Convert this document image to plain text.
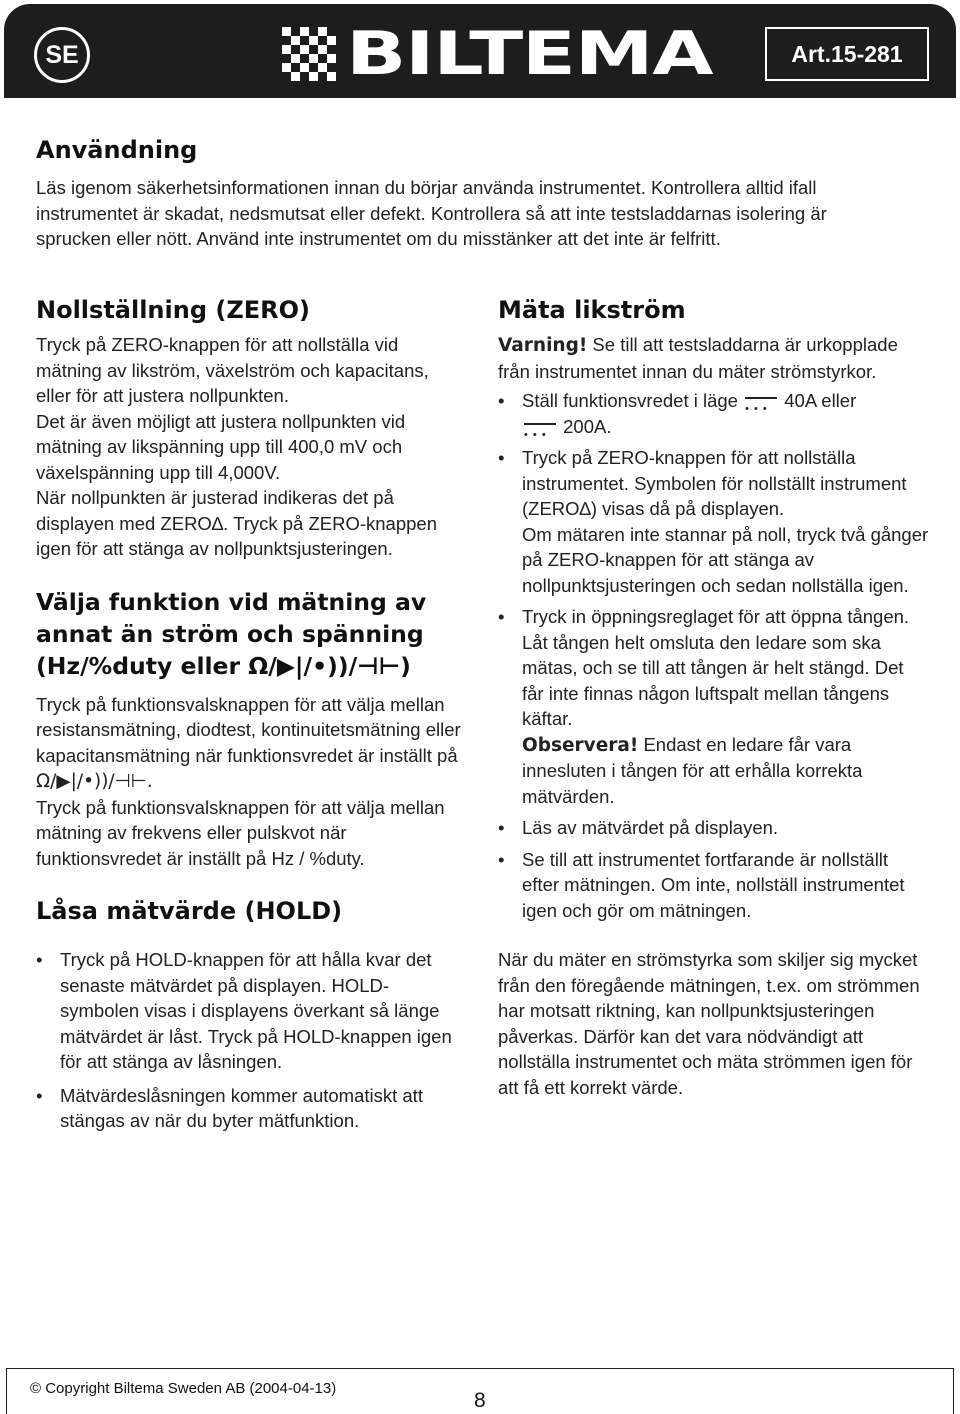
SE	BILTEMA	Art.15-281
Användning
Läs igenom säkerhetsinformationen innan du börjar använda instrumentet. Kontrollera alltid ifall instrumentet är skadat, nedsmutsat eller defekt. Kontrollera så att inte testsladdarnas isolering är sprucken eller nött. Använd inte instrumentet om du misstänker att det inte är felfritt.
Nollställning (ZERO)

Tryck på ZERO-knappen för att nollställa vid mätning av likström, växelström och kapacitans, eller för att justera nollpunkten.

Det är även möjligt att justera nollpunkten vid mätning av likspänning upp till 400,0 mV och växelspänning upp till 4,000V.

När nollpunkten är justerad indikeras det på displayen med ZERO∆. Tryck på ZERO-knappen igen för att stänga av nollpunktsjusteringen.

Välja funktion vid mätning av annat än ström och spänning (Hz/%duty eller Ω/▶|/•))/⊣⊢)

Tryck på funktionsvalsknappen för att välja mellan resistansmätning, diodtest, kontinuitetsmätning eller kapacitansmätning när funktionsvredet är inställt på Ω/▶|/•))/⊣⊢.

Tryck på funktionsvalsknappen för att välja mellan mätning av frekvens eller pulskvot när funktionsvredet är inställt på Hz / %duty.

Låsa mätvärde (HOLD)
• Tryck på HOLD-knappen för att hålla kvar det senaste mätvärdet på displayen. HOLD-symbolen visas i displayens överkant så länge mätvärdet är låst. Tryck på HOLD-knappen igen för att stänga av låsningen.
• Mätvärdeslåsningen kommer automatiskt att stängas av när du byter mätfunktion.
Mäta likström

Varning! Se till att testsladdarna är urkopplade från instrumentet innan du mäter strömstyrkor.

• Ställ funktionsvredet i läge • • •	40A eller
• • • 200A.
• Tryck på ZERO-knappen för att nollställa instrumentet. Symbolen för nollställt instrument (ZERO∆) visas då på displayen.
Om mätaren inte stannar på noll, tryck två gånger på ZERO-knappen för att stänga av nollpunktsjusteringen och sedan nollställa igen.
• Tryck in öppningsreglaget för att öppna tången. Låt tången helt omsluta den ledare som ska mätas, och se till att tången är helt stängd. Det får inte finnas någon luftspalt mellan tångens käftar.
Observera! Endast en ledare får vara innesluten i tången för att erhålla korrekta mätvärden.
• Läs av mätvärdet på displayen.
• Se till att instrumentet fortfarande är nollställt efter mätningen. Om inte, nollställ instrumentet igen och gör om mätningen.

När du mäter en strömstyrka som skiljer sig mycket från den föregående mätningen, t.ex. om strömmen har motsatt riktning, kan nollpunktsjusteringen påverkas. Därför kan det vara nödvändigt att nollställa instrumentet och mäta strömmen igen för att få ett korrekt värde.

© Copyright Biltema Sweden AB (2004-04-13)
8
